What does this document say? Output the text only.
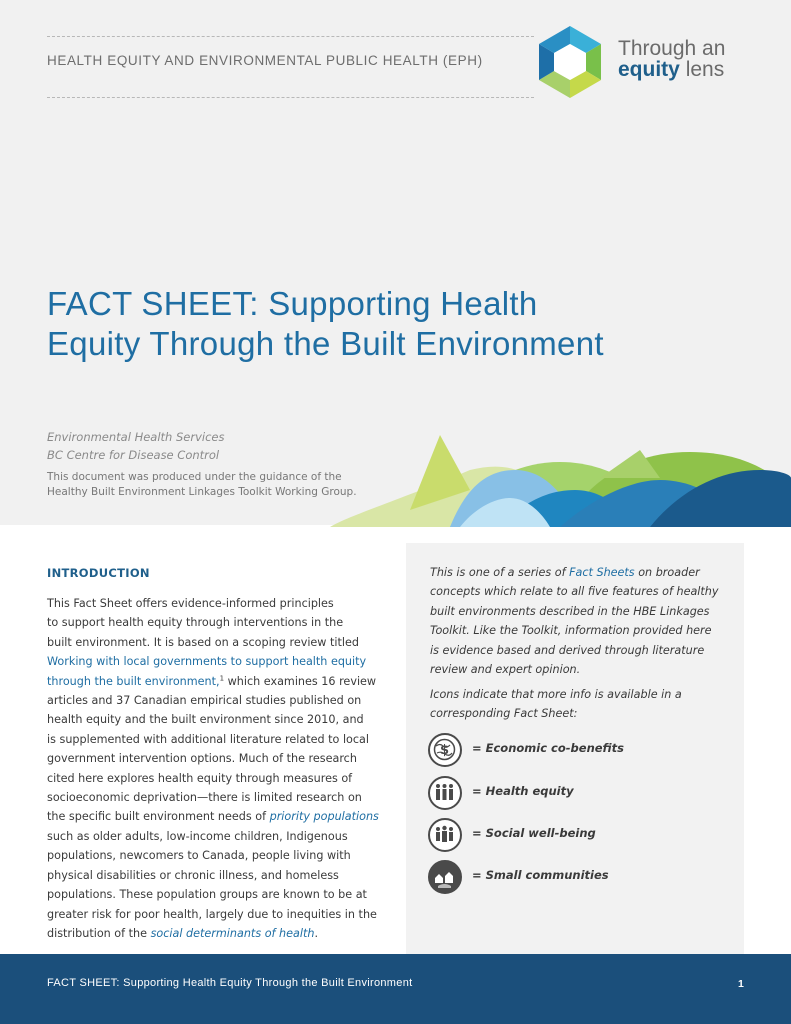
HEALTH EQUITY AND ENVIRONMENTAL PUBLIC HEALTH (EPH)
Through an
equity lens
FACT SHEET: Supporting Health
Equity Through the Built Environment
Environmental Health Services
BC Centre for Disease Control
This document was produced under the guidance of the
Healthy Built Environment Linkages Toolkit Working Group.
INTRODUCTION
This Fact Sheet offers evidence-informed principles
to support health equity through interventions in the
built environment. It is based on a scoping review titled
Working with local governments to support health equity
through the built environment,$^1$ which examines 16 review
articles and 37 Canadian empirical studies published on
health equity and the built environment since 2010, and
is supplemented with additional literature related to local
government intervention options. Much of the research
cited here explores health equity through measures of
socioeconomic deprivation—there is limited research on
the specific built environment needs of priority populations
such as older adults, low-income children, Indigenous
populations, newcomers to Canada, people living with
physical disabilities or chronic illness, and homeless
populations. These population groups are known to be at
greater risk for poor health, largely due to inequities in the
distribution of the social determinants of health.
This is one of a series of Fact Sheets on broader
concepts which relate to all five features of healthy
built environments described in the HBE Linkages
Toolkit. Like the Toolkit, information provided here
is evidence based and derived through literature
review and expert opinion.
Icons indicate that more info is available in a
corresponding Fact Sheet:
$ = Economic co-benefits
= Health equity
= Social well-being
= Small communities
FACT SHEET: Supporting Health Equity Through the Built Environment	1
